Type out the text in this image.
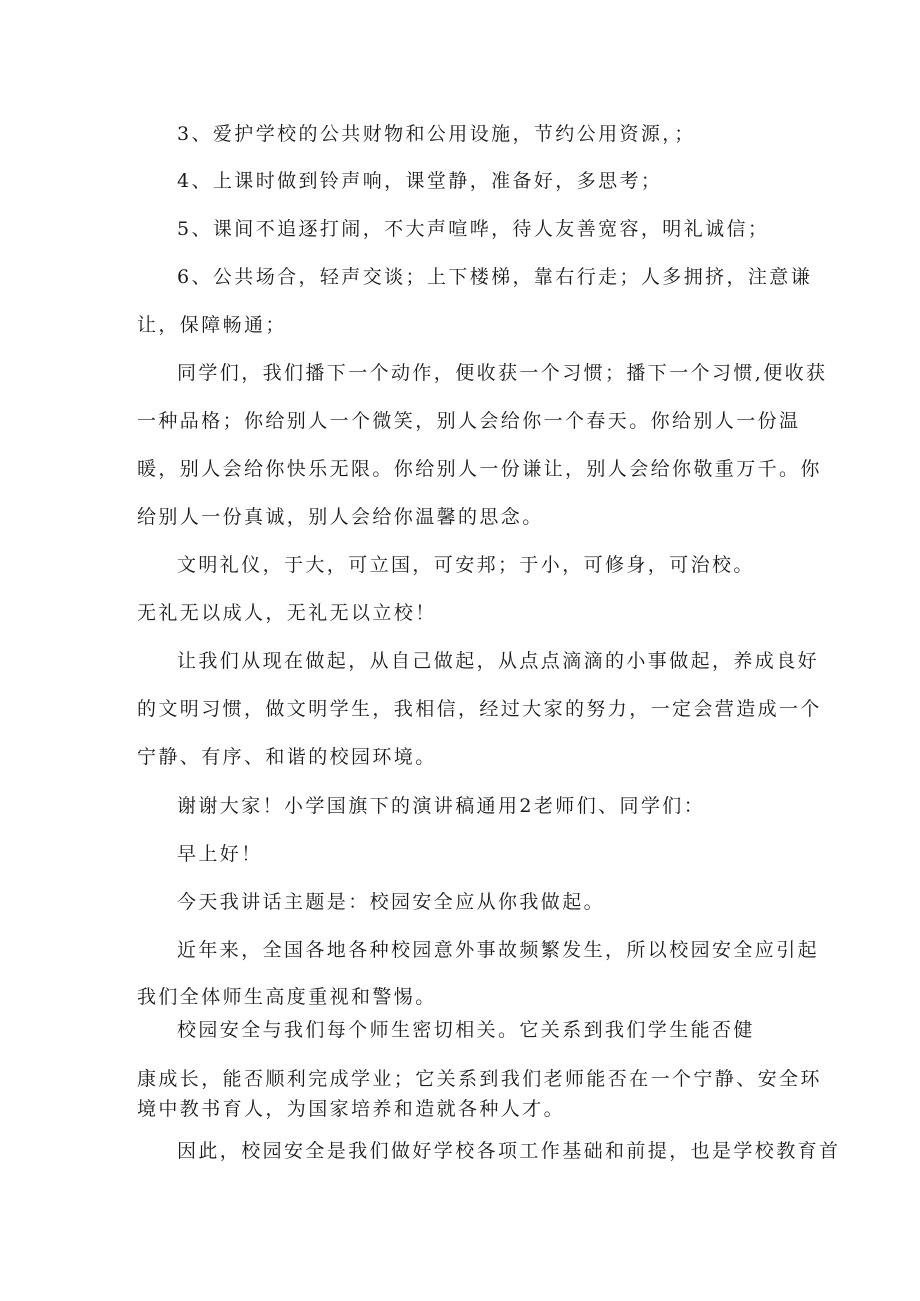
3、爱护学校的公共财物和公用设施，节约公用资源，；
4、上课时做到铃声响，课堂静，准备好，多思考；
5、课间不追逐打闹，不大声喧哗，待人友善宽容，明礼诚信；
6、公共场合，轻声交谈；上下楼梯，靠右行走；人多拥挤，注意谦
让，保障畅通；
同学们，我们播下一个动作，便收获一个习惯；播下一个习惯,便收获
一种品格；你给别人一个微笑，别人会给你一个春天。你给别人一份温
暖，别人会给你快乐无限。你给别人一份谦让，别人会给你敬重万千。你
给别人一份真诚，别人会给你温馨的思念。
文明礼仪，于大，可立国，可安邦；于小，可修身，可治校。
无礼无以成人，无礼无以立校！
让我们从现在做起，从自己做起，从点点滴滴的小事做起，养成良好
的文明习惯，做文明学生，我相信，经过大家的努力，一定会营造成一个
宁静、有序、和谐的校园环境。
谢谢大家！小学国旗下的演讲稿通用2老师们、同学们：
早上好！
今天我讲话主题是：校园安全应从你我做起。
近年来，全国各地各种校园意外事故频繁发生，所以校园安全应引起
我们全体师生高度重视和警惕。
校园安全与我们每个师生密切相关。它关系到我们学生能否健
康成长，能否顺利完成学业；它关系到我们老师能否在一个宁静、安全环
境中教书育人，为国家培养和造就各种人才。
因此，校园安全是我们做好学校各项工作基础和前提，也是学校教育首
